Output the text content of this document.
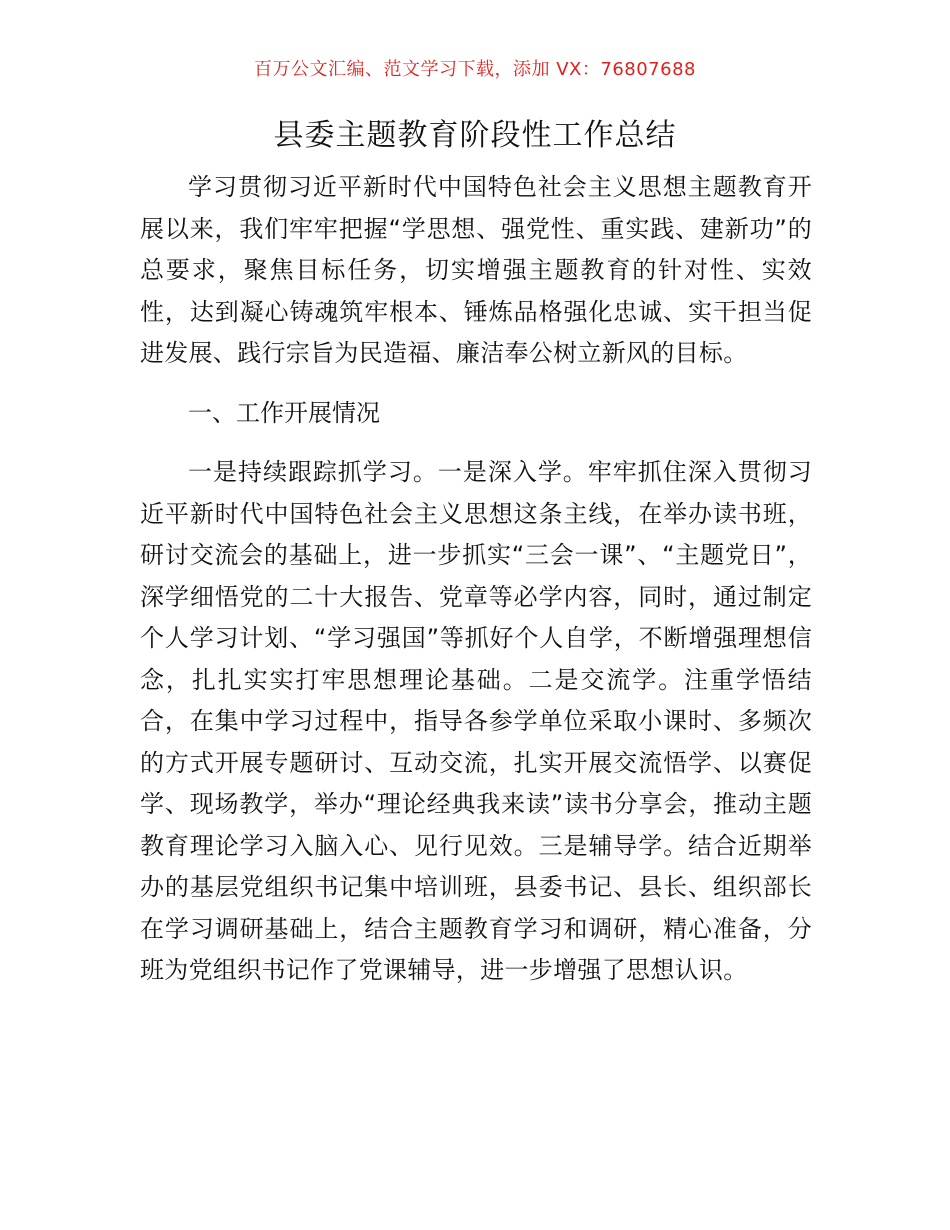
百万公文汇编、范文学习下载，添加 VX：76807688
县委主题教育阶段性工作总结

学习贯彻习近平新时代中国特色社会主义思想主题教育开展以来，我们牢牢把握“学思想、强党性、重实践、建新功”的总要求，聚焦目标任务，切实增强主题教育的针对性、实效性，达到凝心铸魂筑牢根本、锤炼品格强化忠诚、实干担当促进发展、践行宗旨为民造福、廉洁奉公树立新风的目标。

一、工作开展情况

一是持续跟踪抓学习。一是深入学。牢牢抓住深入贯彻习近平新时代中国特色社会主义思想这条主线，在举办读书班，研讨交流会的基础上，进一步抓实“三会一课”、“主题党日”，深学细悟党的二十大报告、党章等必学内容，同时，通过制定个人学习计划、“学习强国”等抓好个人自学，不断增强理想信念，扎扎实实打牢思想理论基础。二是交流学。注重学悟结合，在集中学习过程中，指导各参学单位采取小课时、多频次的方式开展专题研讨、互动交流，扎实开展交流悟学、以赛促学、现场教学，举办“理论经典我来读”读书分享会，推动主题教育理论学习入脑入心、见行见效。三是辅导学。结合近期举办的基层党组织书记集中培训班，县委书记、县长、组织部长在学习调研基础上，结合主题教育学习和调研，精心准备，分班为党组织书记作了党课辅导，进一步增强了思想认识。
